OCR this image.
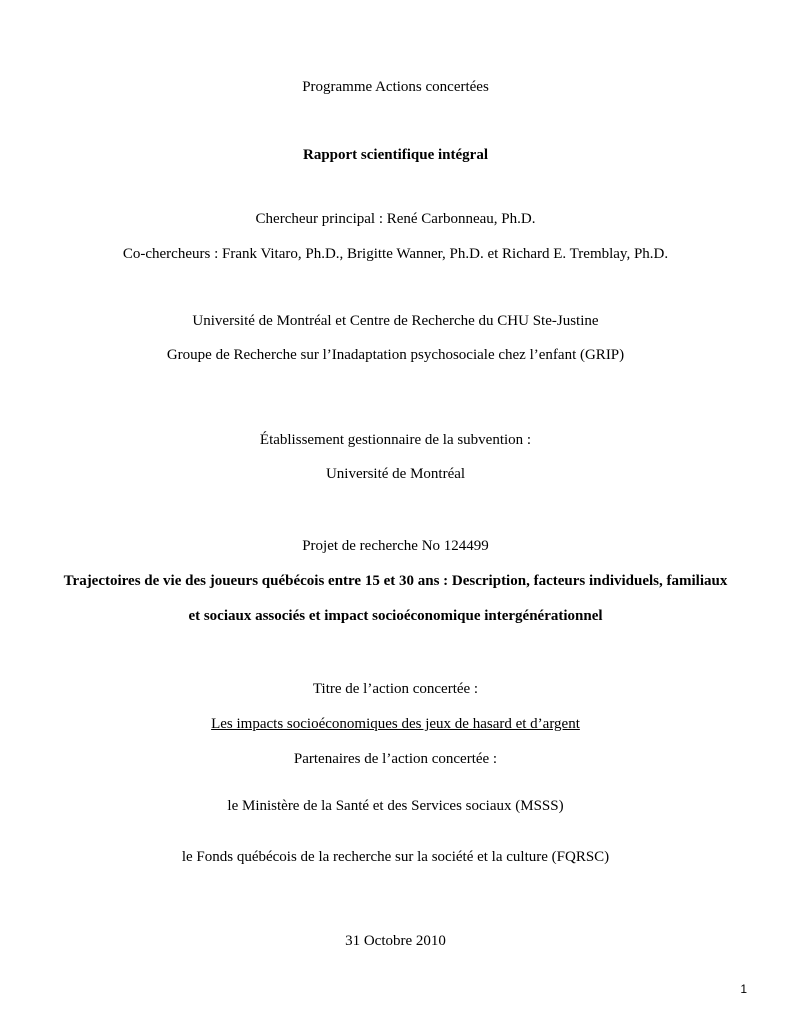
Programme Actions concertées
Rapport scientifique intégral
Chercheur principal : René Carbonneau, Ph.D.
Co-chercheurs : Frank Vitaro, Ph.D., Brigitte Wanner, Ph.D. et Richard E. Tremblay, Ph.D.
Université de Montréal et Centre de Recherche du CHU Ste-Justine
Groupe de Recherche sur l’Inadaptation psychosociale chez l’enfant (GRIP)
Établissement gestionnaire de la subvention :
Université de Montréal
Projet de recherche No 124499
Trajectoires de vie des joueurs québécois entre 15 et 30 ans : Description, facteurs individuels, familiaux
et sociaux associés et impact socioéconomique intergénérationnel
Titre de l’action concertée :
Les impacts socioéconomiques des jeux de hasard et d’argent
Partenaires de l’action concertée :
le Ministère de la Santé et des Services sociaux (MSSS)
le Fonds québécois de la recherche sur la société et la culture (FQRSC)
31 Octobre 2010
1
